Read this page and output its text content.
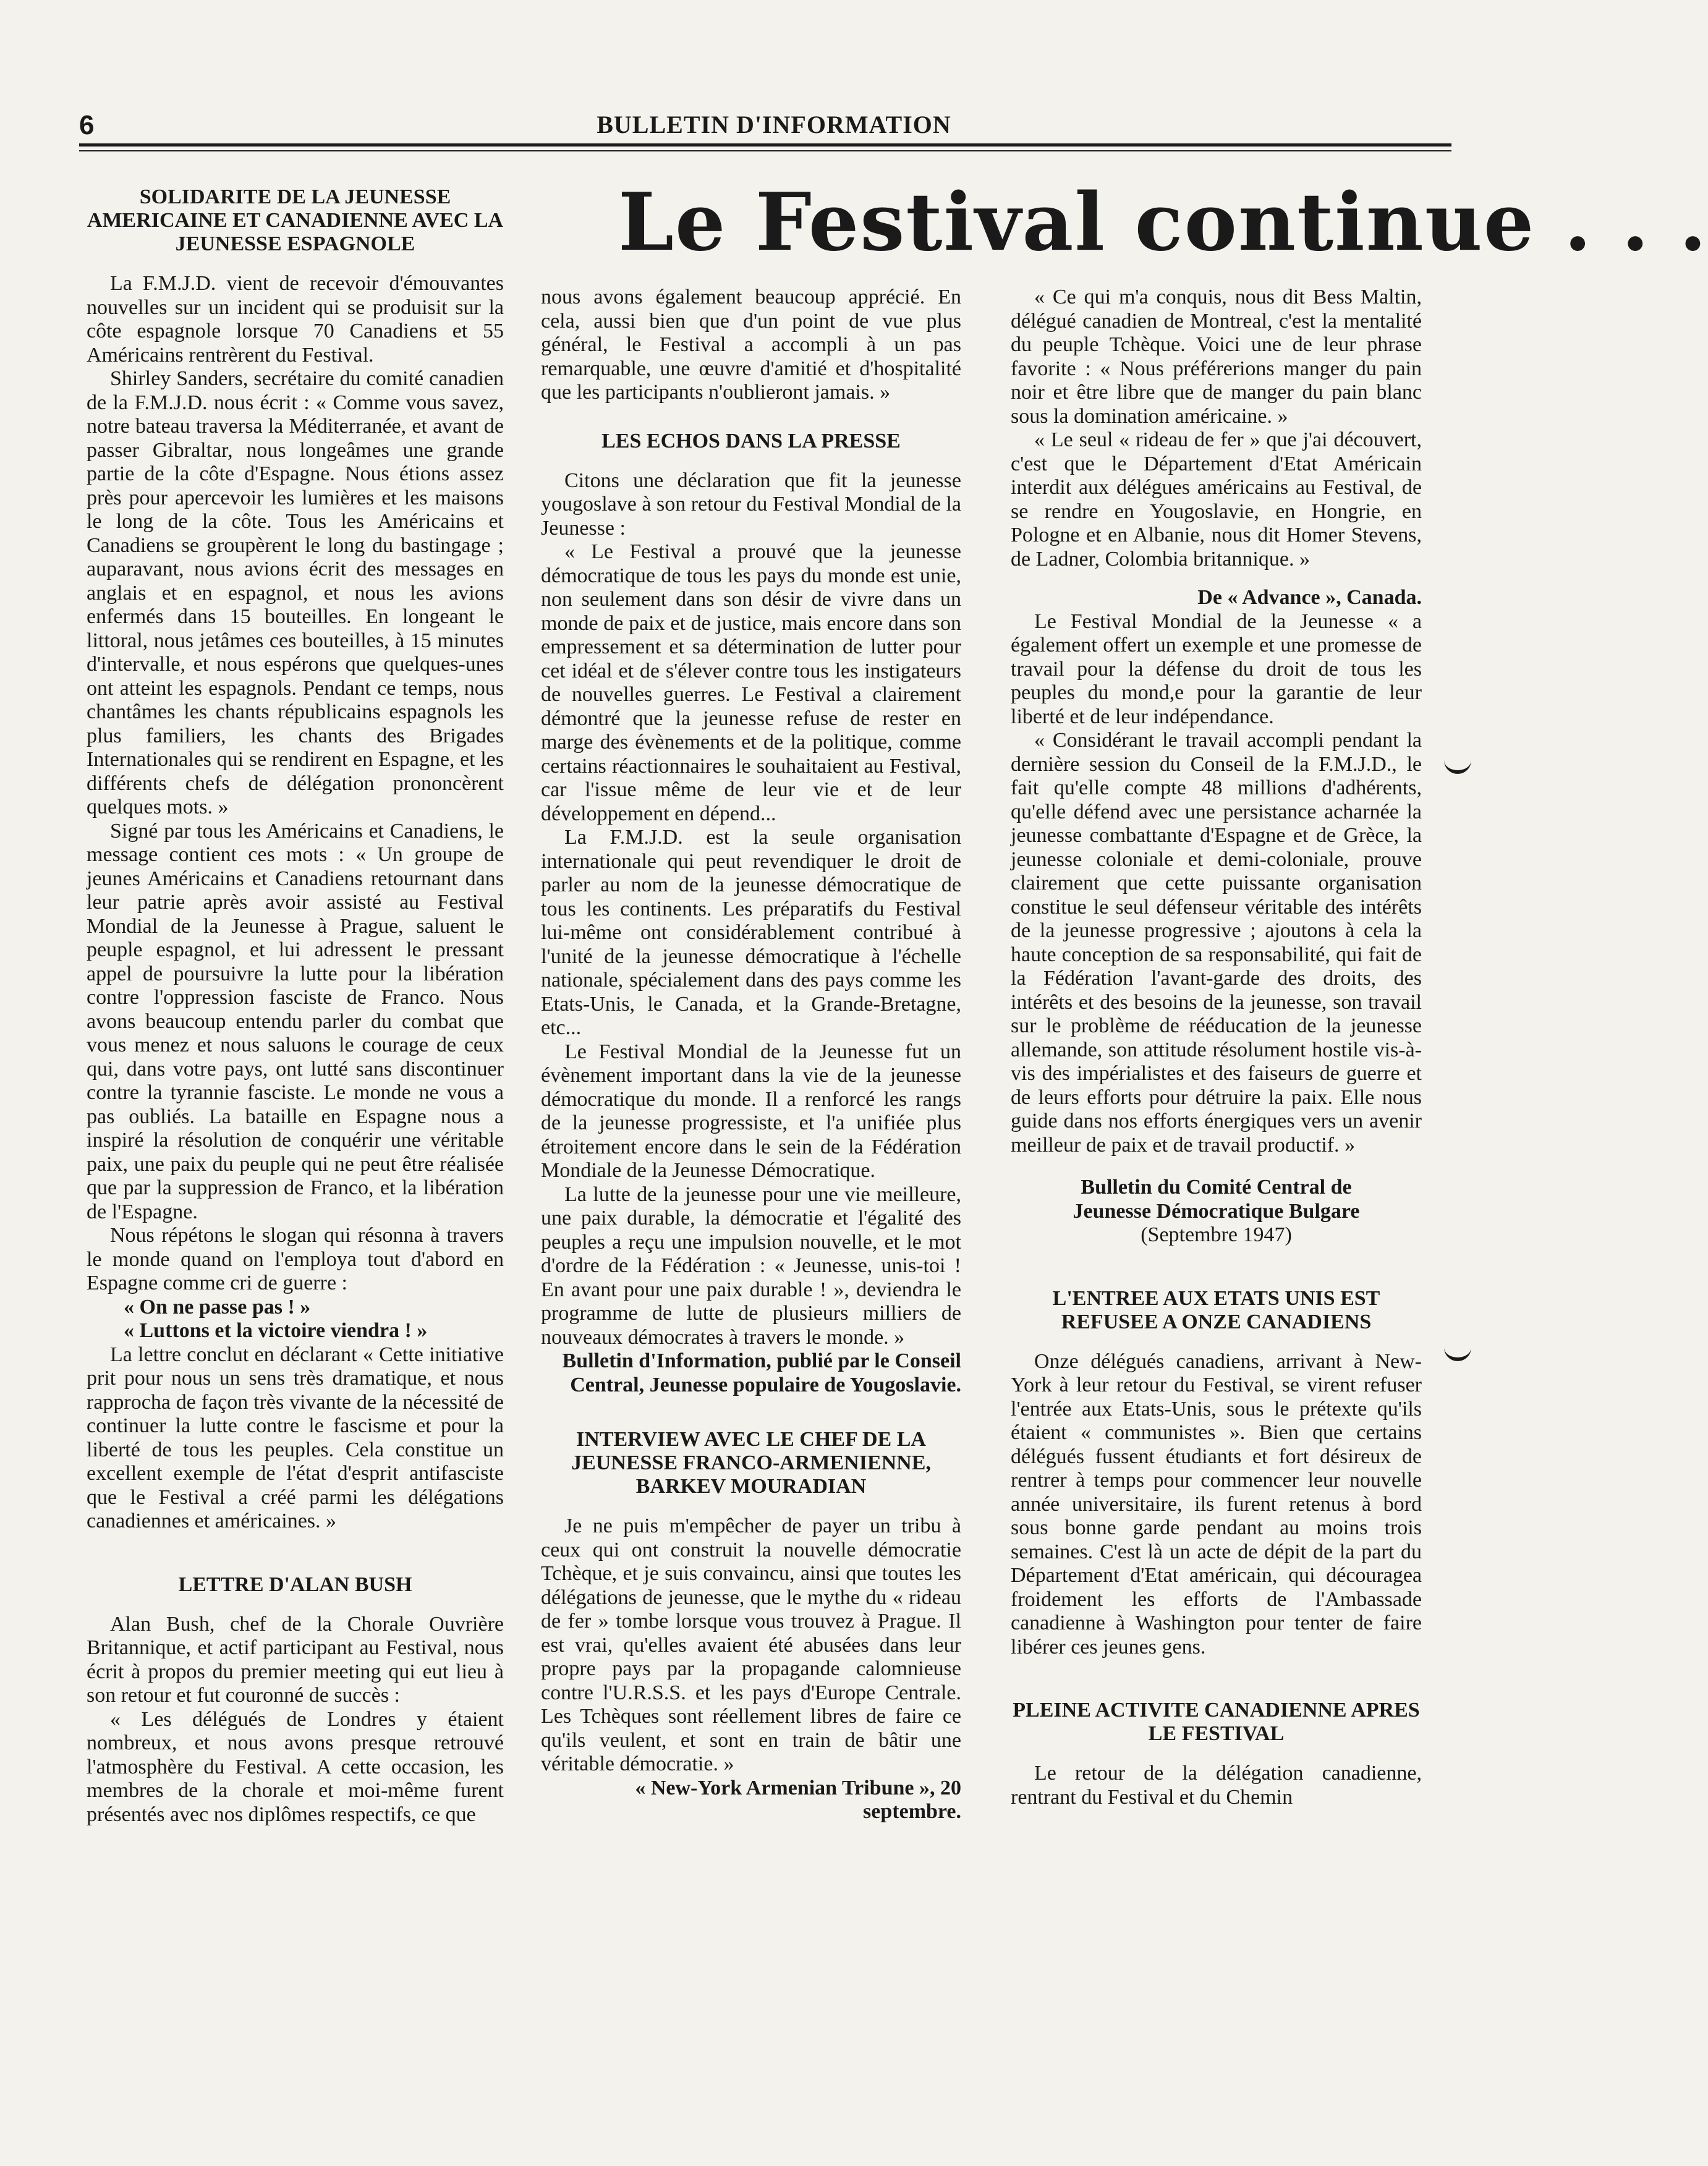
6	BULLETIN D'INFORMATION
Le Festival continue . . .
SOLIDARITE DE LA JEUNESSE AMERICAINE ET CANADIENNE AVEC LA JEUNESSE ESPAGNOLE

La F.M.J.D. vient de recevoir d'émouvantes nouvelles sur un incident qui se produisit sur la côte espagnole lorsque 70 Canadiens et 55 Américains rentrèrent du Festival.

Shirley Sanders, secrétaire du comité canadien de la F.M.J.D. nous écrit : « Comme vous savez, notre bateau traversa la Méditerranée, et avant de passer Gibraltar, nous longeâmes une grande partie de la côte d'Espagne. Nous étions assez près pour apercevoir les lumières et les maisons le long de la côte. Tous les Américains et Canadiens se groupèrent le long du bastingage ; auparavant, nous avions écrit des messages en anglais et en espagnol, et nous les avions enfermés dans 15 bouteilles. En longeant le littoral, nous jetâmes ces bouteilles, à 15 minutes d'intervalle, et nous espérons que quelques-unes ont atteint les espagnols. Pendant ce temps, nous chantâmes les chants républicains espagnols les plus familiers, les chants des Brigades Internationales qui se rendirent en Espagne, et les différents chefs de délégation prononcèrent quelques mots. »

Signé par tous les Américains et Canadiens, le message contient ces mots : « Un groupe de jeunes Américains et Canadiens retournant dans leur patrie après avoir assisté au Festival Mondial de la Jeunesse à Prague, saluent le peuple espagnol, et lui adressent le pressant appel de poursuivre la lutte pour la libération contre l'oppression fasciste de Franco. Nous avons beaucoup entendu parler du combat que vous menez et nous saluons le courage de ceux qui, dans votre pays, ont lutté sans discontinuer contre la tyrannie fasciste. Le monde ne vous a pas oubliés. La bataille en Espagne nous a inspiré la résolution de conquérir une véritable paix, une paix du peuple qui ne peut être réalisée que par la suppression de Franco, et la libération de l'Espagne.

Nous répétons le slogan qui résonna à travers le monde quand on l'employa tout d'abord en Espagne comme cri de guerre :

« On ne passe pas ! »

« Luttons et la victoire viendra ! »

La lettre conclut en déclarant « Cette initiative prit pour nous un sens très dramatique, et nous rapprocha de façon très vivante de la nécessité de continuer la lutte contre le fascisme et pour la liberté de tous les peuples. Cela constitue un excellent exemple de l'état d'esprit antifasciste que le Festival a créé parmi les délégations canadiennes et américaines. »

LETTRE D'ALAN BUSH

Alan Bush, chef de la Chorale Ouvrière Britannique, et actif participant au Festival, nous écrit à propos du premier meeting qui eut lieu à son retour et fut couronné de succès :

« Les délégués de Londres y étaient nombreux, et nous avons presque retrouvé l'atmosphère du Festival. A cette occasion, les membres de la chorale et moi-même furent présentés avec nos diplômes respectifs, ce que

nous avons également beaucoup apprécié. En cela, aussi bien que d'un point de vue plus général, le Festival a accompli à un pas remarquable, une œuvre d'amitié et d'hospitalité que les participants n'oublieront jamais. »

LES ECHOS DANS LA PRESSE

Citons une déclaration que fit la jeunesse yougoslave à son retour du Festival Mondial de la Jeunesse :

« Le Festival a prouvé que la jeunesse démocratique de tous les pays du monde est unie, non seulement dans son désir de vivre dans un monde de paix et de justice, mais encore dans son empressement et sa détermination de lutter pour cet idéal et de s'élever contre tous les instigateurs de nouvelles guerres. Le Festival a clairement démontré que la jeunesse refuse de rester en marge des évènements et de la politique, comme certains réactionnaires le souhaitaient au Festival, car l'issue même de leur vie et de leur développement en dépend...

La F.M.J.D. est la seule organisation internationale qui peut revendiquer le droit de parler au nom de la jeunesse démocratique de tous les continents. Les préparatifs du Festival lui-même ont considérablement contribué à l'unité de la jeunesse démocratique à l'échelle nationale, spécialement dans des pays comme les Etats-Unis, le Canada, et la Grande-Bretagne, etc...

Le Festival Mondial de la Jeunesse fut un évènement important dans la vie de la jeunesse démocratique du monde. Il a renforcé les rangs de la jeunesse progressiste, et l'a unifiée plus étroitement encore dans le sein de la Fédération Mondiale de la Jeunesse Démocratique.

La lutte de la jeunesse pour une vie meilleure, une paix durable, la démocratie et l'égalité des peuples a reçu une impulsion nouvelle, et le mot d'ordre de la Fédération : « Jeunesse, unis-toi ! En avant pour une paix durable ! », deviendra le programme de lutte de plusieurs milliers de nouveaux démocrates à travers le monde. »

Bulletin d'Information, publié par le Conseil Central, Jeunesse populaire de Yougoslavie.

INTERVIEW AVEC LE CHEF DE LA JEUNESSE FRANCO-ARMENIENNE, BARKEV MOURADIAN

Je ne puis m'empêcher de payer un tribu à ceux qui ont construit la nouvelle démocratie Tchèque, et je suis convaincu, ainsi que toutes les délégations de jeunesse, que le mythe du « rideau de fer » tombe lorsque vous trouvez à Prague. Il est vrai, qu'elles avaient été abusées dans leur propre pays par la propagande calomnieuse contre l'U.R.S.S. et les pays d'Europe Centrale. Les Tchèques sont réellement libres de faire ce qu'ils veulent, et sont en train de bâtir une véritable démocratie. »

« New-York Armenian Tribune », 20 septembre.

« Ce qui m'a conquis, nous dit Bess Maltin, délégué canadien de Montreal, c'est la mentalité du peuple Tchèque. Voici une de leur phrase favorite : « Nous préférerions manger du pain noir et être libre que de manger du pain blanc sous la domination américaine. »

« Le seul « rideau de fer » que j'ai découvert, c'est que le Département d'Etat Américain interdit aux délégues américains au Festival, de se rendre en Yougoslavie, en Hongrie, en Pologne et en Albanie, nous dit Homer Stevens, de Ladner, Colombia britannique. »

De « Advance », Canada.

Le Festival Mondial de la Jeunesse « a également offert un exemple et une promesse de travail pour la défense du droit de tous les peuples du mond,e pour la garantie de leur liberté et de leur indépendance.

« Considérant le travail accompli pendant la dernière session du Conseil de la F.M.J.D., le fait qu'elle compte 48 millions d'adhérents, qu'elle défend avec une persistance acharnée la jeunesse combattante d'Espagne et de Grèce, la jeunesse coloniale et demi-coloniale, prouve clairement que cette puissante organisation constitue le seul défenseur véritable des intérêts de la jeunesse progressive ; ajoutons à cela la haute conception de sa responsabilité, qui fait de la Fédération l'avant-garde des droits, des intérêts et des besoins de la jeunesse, son travail sur le problème de rééducation de la jeunesse allemande, son attitude résolument hostile vis-à-vis des impérialistes et des faiseurs de guerre et de leurs efforts pour détruire la paix. Elle nous guide dans nos efforts énergiques vers un avenir meilleur de paix et de travail productif. »

Bulletin du Comité Central de

Jeunesse Démocratique Bulgare

(Septembre 1947)

L'ENTREE AUX ETATS UNIS EST REFUSEE A ONZE CANADIENS

Onze délégués canadiens, arrivant à New-York à leur retour du Festival, se virent refuser l'entrée aux Etats-Unis, sous le prétexte qu'ils étaient « communistes ». Bien que certains délégués fussent étudiants et fort désireux de rentrer à temps pour commencer leur nouvelle année universitaire, ils furent retenus à bord sous bonne garde pendant au moins trois semaines. C'est là un acte de dépit de la part du Département d'Etat américain, qui découragea froidement les efforts de l'Ambassade canadienne à Washington pour tenter de faire libérer ces jeunes gens.

PLEINE ACTIVITE CANADIENNE APRES LE FESTIVAL

Le retour de la délégation canadienne, rentrant du Festival et du Chemin
